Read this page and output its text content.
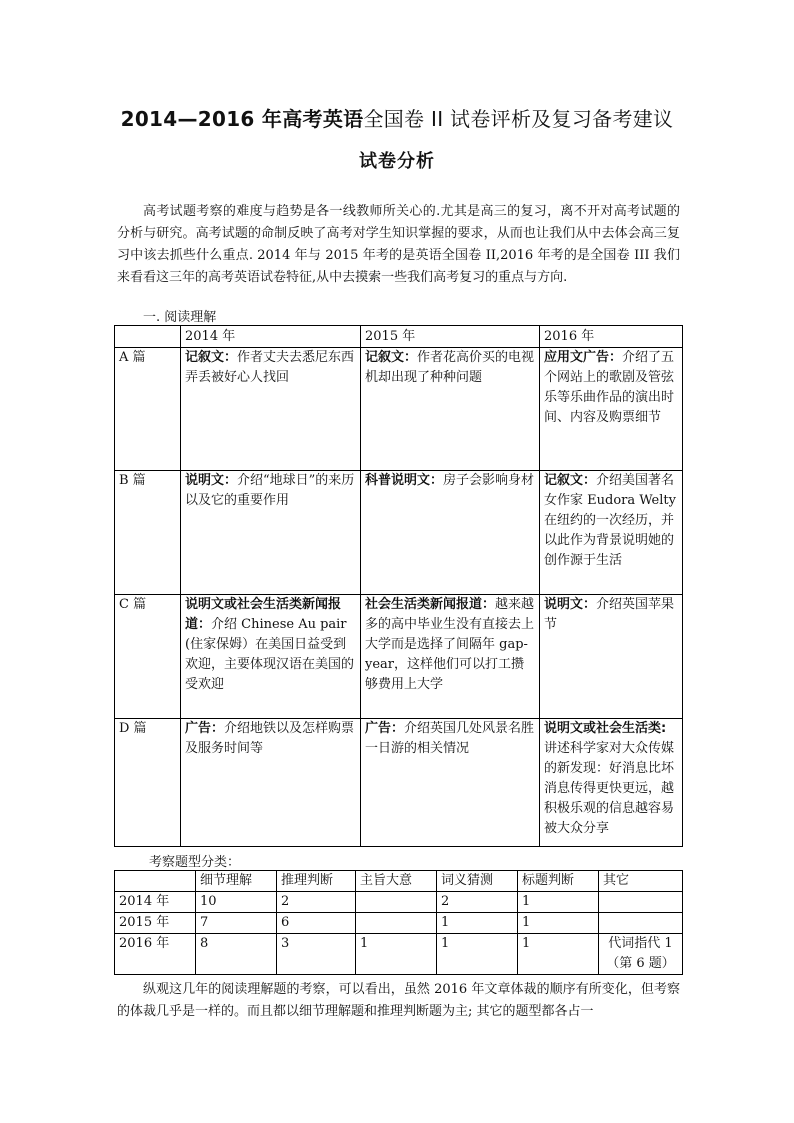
2014—2016 年高考英语全国卷 II 试卷评析及复习备考建议
试卷分析

高考试题考察的难度与趋势是各一线教师所关心的.尤其是高三的复习，离不开对高考试题的分析与研究。高考试题的命制反映了高考对学生知识掌握的要求，从而也让我们从中去体会高三复习中该去抓些什么重点. 2014 年与 2015 年考的是英语全国卷 II,2016 年考的是全国卷 III 我们来看看这三年的高考英语试卷特征,从中去摸索一些我们高考复习的重点与方向.

一. 阅读理解
	2014 年	2015 年	2016 年
A 篇	记叙文：作者丈夫去悉尼东西弄丢被好心人找回	记叙文：作者花高价买的电视机却出现了种种问题	应用文广告：介绍了五个网站上的歌剧及管弦乐等乐曲作品的演出时间、内容及购票细节

B 篇	说明文：介绍“地球日”的来历以及它的重要作用	科普说明文：房子会影响身材	记叙文：介绍美国著名女作家 Eudora Welty 在纽约的一次经历，并以此作为背景说明她的创作源于生活

C 篇	说明文或社会生活类新闻报道：介绍 Chinese Au pair(住家保姆）在美国日益受到欢迎，主要体现汉语在美国的受欢迎	社会生活类新闻报道：越来越多的高中毕业生没有直接去上大学而是选择了间隔年 gap-year，这样他们可以打工攒够费用上大学	说明文：介绍英国苹果节

D 篇	广告：介绍地铁以及怎样购票及服务时间等	广告：介绍英国几处风景名胜一日游的相关情况	说明文或社会生活类:讲述科学家对大众传媒的新发现：好消息比坏消息传得更快更远，越积极乐观的信息越容易被大众分享
考察题型分类：
	细节理解	推理判断	主旨大意	词义猜测	标题判断	其它
2014 年	10	2		2	1	
2015 年	7	6		1	1	
2016 年	8	3	1	1	1	代词指代 1（第 6 题）

纵观这几年的阅读理解题的考察，可以看出，虽然 2016 年文章体裁的顺序有所变化，但考察的体裁几乎是一样的。而且都以细节理解题和推理判断题为主; 其它的题型都各占一
